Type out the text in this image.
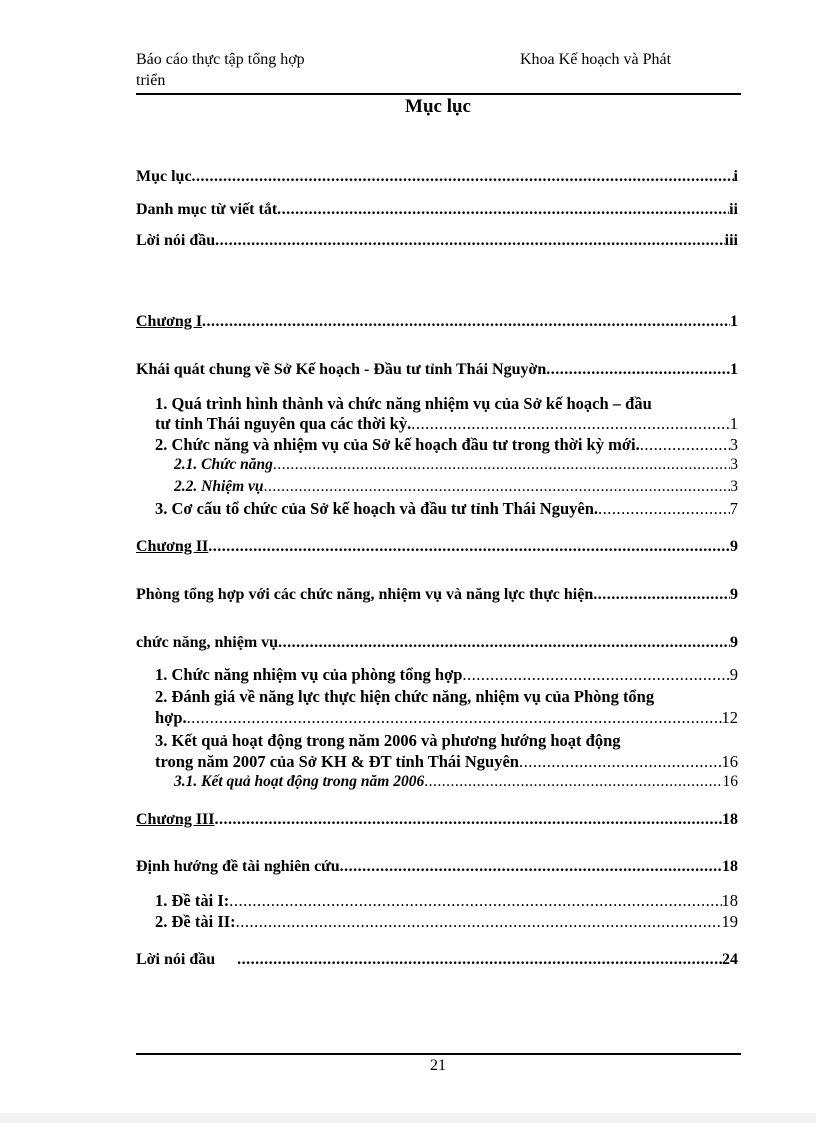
Báo cáo thực tập tổng hợp	Khoa Kế hoạch và Phát
triển
Mục lục
Mục lục .....	i
Danh mục từ viết tắt .....	ii
Lời nói đầu .....	iii
Chương I .....	1
Khái quát chung về Sở Kế hoạch - Đầu tư tỉnh Thái Nguyờn .....	1
1. Quá trình hình thành và chức năng nhiệm vụ của Sở kế hoạch – đầu
tư tỉnh Thái nguyên qua các thời kỳ. .....	1
2. Chức năng và nhiệm vụ của Sở kế hoạch đầu tư trong thời kỳ mới. .....	3
2.1. Chức năng .....	3
2.2. Nhiệm vụ .....	3
3. Cơ cấu tổ chức của Sở kế hoạch và đầu tư tỉnh Thái Nguyên. .....	7
Chương II .....	9
Phòng tổng hợp với các chức năng, nhiệm vụ và năng lực thực hiện .....	9
chức năng, nhiệm vụ .....	9
1. Chức năng nhiệm vụ của phòng tổng hợp .....	9
2. Đánh giá về năng lực thực hiện chức năng, nhiệm vụ của Phòng tổng
hợp. .....	12
3. Kết quả hoạt động trong năm 2006 và phương hướng hoạt động
trong năm 2007 của Sở KH & ĐT tỉnh Thái Nguyên .....	16
3.1. Kết quả hoạt động trong năm 2006 .....	16
Chương III .....	18
Định hướng đề tài nghiên cứu .....	18
1. Đề tài I: .....	18
2. Đề tài II: .....	19
Lời nói đầu .....	24
21
